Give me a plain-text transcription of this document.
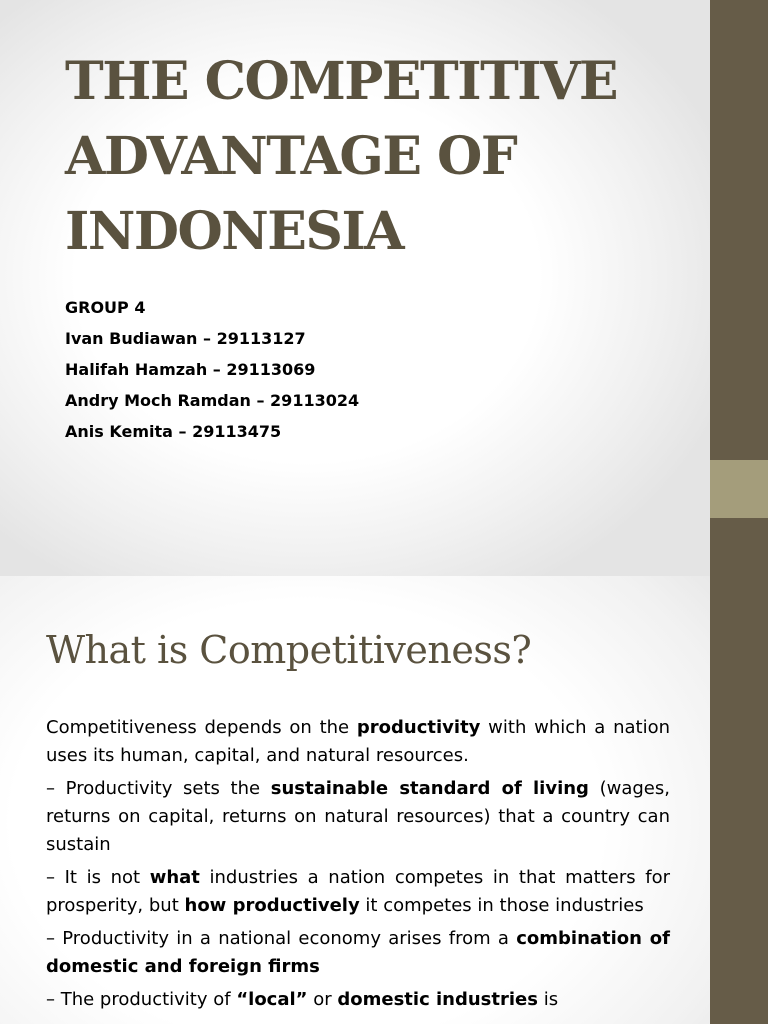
THE COMPETITIVE
ADVANTAGE OF
INDONESIA
GROUP 4
Ivan Budiawan – 29113127
Halifah Hamzah – 29113069
Andry Moch Ramdan – 29113024
Anis Kemita – 29113475
What is Competitiveness?

Competitiveness depends on the productivity with which a nation uses its human, capital, and natural resources.

– Productivity sets the sustainable standard of living (wages, returns on capital, returns on natural resources) that a country can sustain

– It is not what industries a nation competes in that matters for prosperity, but how productively it competes in those industries

– Productivity in a national economy arises from a combination of domestic and foreign firms

– The productivity of “local” or domestic industries is
